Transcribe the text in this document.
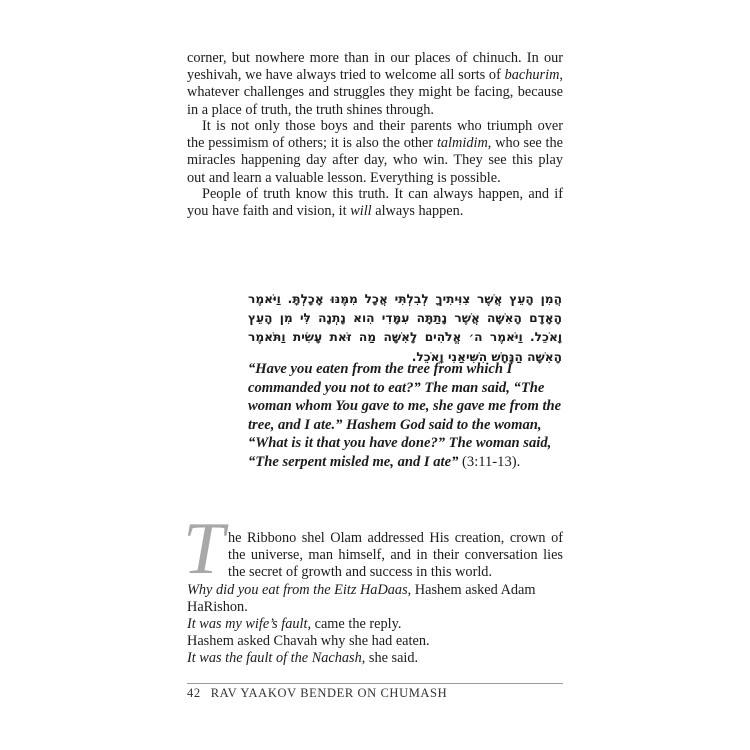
corner, but nowhere more than in our places of chinuch. In our yeshivah, we have always tried to welcome all sorts of bachurim, whatever challenges and struggles they might be facing, because in a place of truth, the truth shines through.

It is not only those boys and their parents who triumph over the pessimism of others; it is also the other talmidim, who see the miracles happening day after day, who win. They see this play out and learn a valuable lesson. Everything is possible.

People of truth know this truth. It can always happen, and if you have faith and vision, it will always happen.

הֲמִן הָעֵץ אֲשֶׁר צִוִּיתִיךָ לְבִלְתִּי אֲכָל מִמֶּנּוּ אָכָלְתָּ. וַיֹּאמֶר הָאָדָם הָאִשָּׁה אֲשֶׁר נָתַתָּה עִמָּדִי הִוא נָתְנָה לִּי מִן הָעֵץ וָאֹכֵל. וַיֹּאמֶר ה׳ אֱלֹהִים לָאִשָּׁה מַה זֹּאת עָשִׂית וַתֹּאמֶר הָאִשָּׁה הַנָּחָשׁ הִשִּׁיאַנִי וָאֹכֵל.

“Have you eaten from the tree from which I commanded you not to eat?” The man said, “The woman whom You gave to me, she gave me from the tree, and I ate.” Hashem God said to the woman, “What is it that you have done?” The woman said, “The serpent misled me, and I ate” (3:11-13).

T he Ribbono shel Olam addressed His creation, crown of the universe, man himself, and in their conversation lies the secret of growth and success in this world.

Why did you eat from the Eitz HaDaas, Hashem asked Adam HaRishon.

It was my wife’s fault, came the reply.

Hashem asked Chavah why she had eaten.

It was the fault of the Nachash, she said.

42 RAV YAAKOV BENDER ON CHUMASH
